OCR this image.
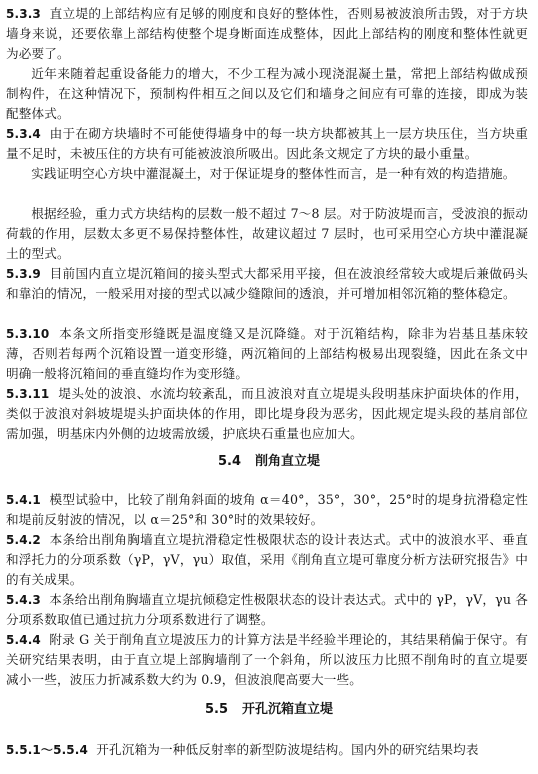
5.3.3 直立堤的上部结构应有足够的刚度和良好的整体性，否则易被波浪所击毁，对于方块墙身来说，还要依靠上部结构使整个堤身断面连成整体，因此上部结构的刚度和整体性就更为必要了。
近年来随着起重设备能力的增大，不少工程为减小现浇混凝土量，常把上部结构做成预制构件，在这种情况下，预制构件相互之间以及它们和墙身之间应有可靠的连接，即成为装配整体式。
5.3.4 由于在砌方块墙时不可能使得墙身中的每一块方块都被其上一层方块压住，当方块重量不足时，未被压住的方块有可能被波浪所吸出。因此条文规定了方块的最小重量。
实践证明空心方块中灌混凝土，对于保证堤身的整体性而言，是一种有效的构造措施。
根据经验，重力式方块结构的层数一般不超过 7～8 层。对于防波堤而言，受波浪的振动荷载的作用，层数太多更不易保持整体性，故建议超过 7 层时，也可采用空心方块中灌混凝土的型式。
5.3.9 目前国内直立堤沉箱间的接头型式大都采用平接，但在波浪经常较大或堤后兼做码头和靠泊的情况，一般采用对接的型式以减少缝隙间的透浪，并可增加相邻沉箱的整体稳定。
5.3.10 本条文所指变形缝既是温度缝又是沉降缝。对于沉箱结构，除非为岩基且基床较薄，否则若每两个沉箱设置一道变形缝，两沉箱间的上部结构极易出现裂缝，因此在条文中明确一般将沉箱间的垂直缝均作为变形缝。
5.3.11 堤头处的波浪、水流均较紊乱，而且波浪对直立堤堤头段明基床护面块体的作用，类似于波浪对斜坡堤堤头护面块体的作用，即比堤身段为恶劣，因此规定堤头段的基肩部位需加强，明基床内外侧的边坡需放缓，护底块石重量也应加大。
5.4 削角直立堤
5.4.1 模型试验中，比较了削角斜面的坡角 α＝40°，35°，30°，25°时的堤身抗滑稳定性和堤前反射波的情况，以 α＝25°和 30°时的效果较好。
5.4.2 本条给出削角胸墙直立堤抗滑稳定性极限状态的设计表达式。式中的波浪水平、垂直和浮托力的分项系数（γP，γV，γu）取值，采用《削角直立堤可靠度分析方法研究报告》中的有关成果。
5.4.3 本条给出削角胸墙直立堤抗倾稳定性极限状态的设计表达式。式中的 γP，γV，γu 各分项系数取值已通过抗力分项系数进行了调整。
5.4.4 附录 G 关于削角直立堤波压力的计算方法是半经验半理论的，其结果稍偏于保守。有关研究结果表明，由于直立堤上部胸墙削了一个斜角，所以波压力比照不削角时的直立堤要减小一些，波压力折减系数大约为 0.9，但波浪爬高要大一些。
5.5 开孔沉箱直立堤
5.5.1～5.5.4 开孔沉箱为一种低反射率的新型防波堤结构。国内外的研究结果均表
